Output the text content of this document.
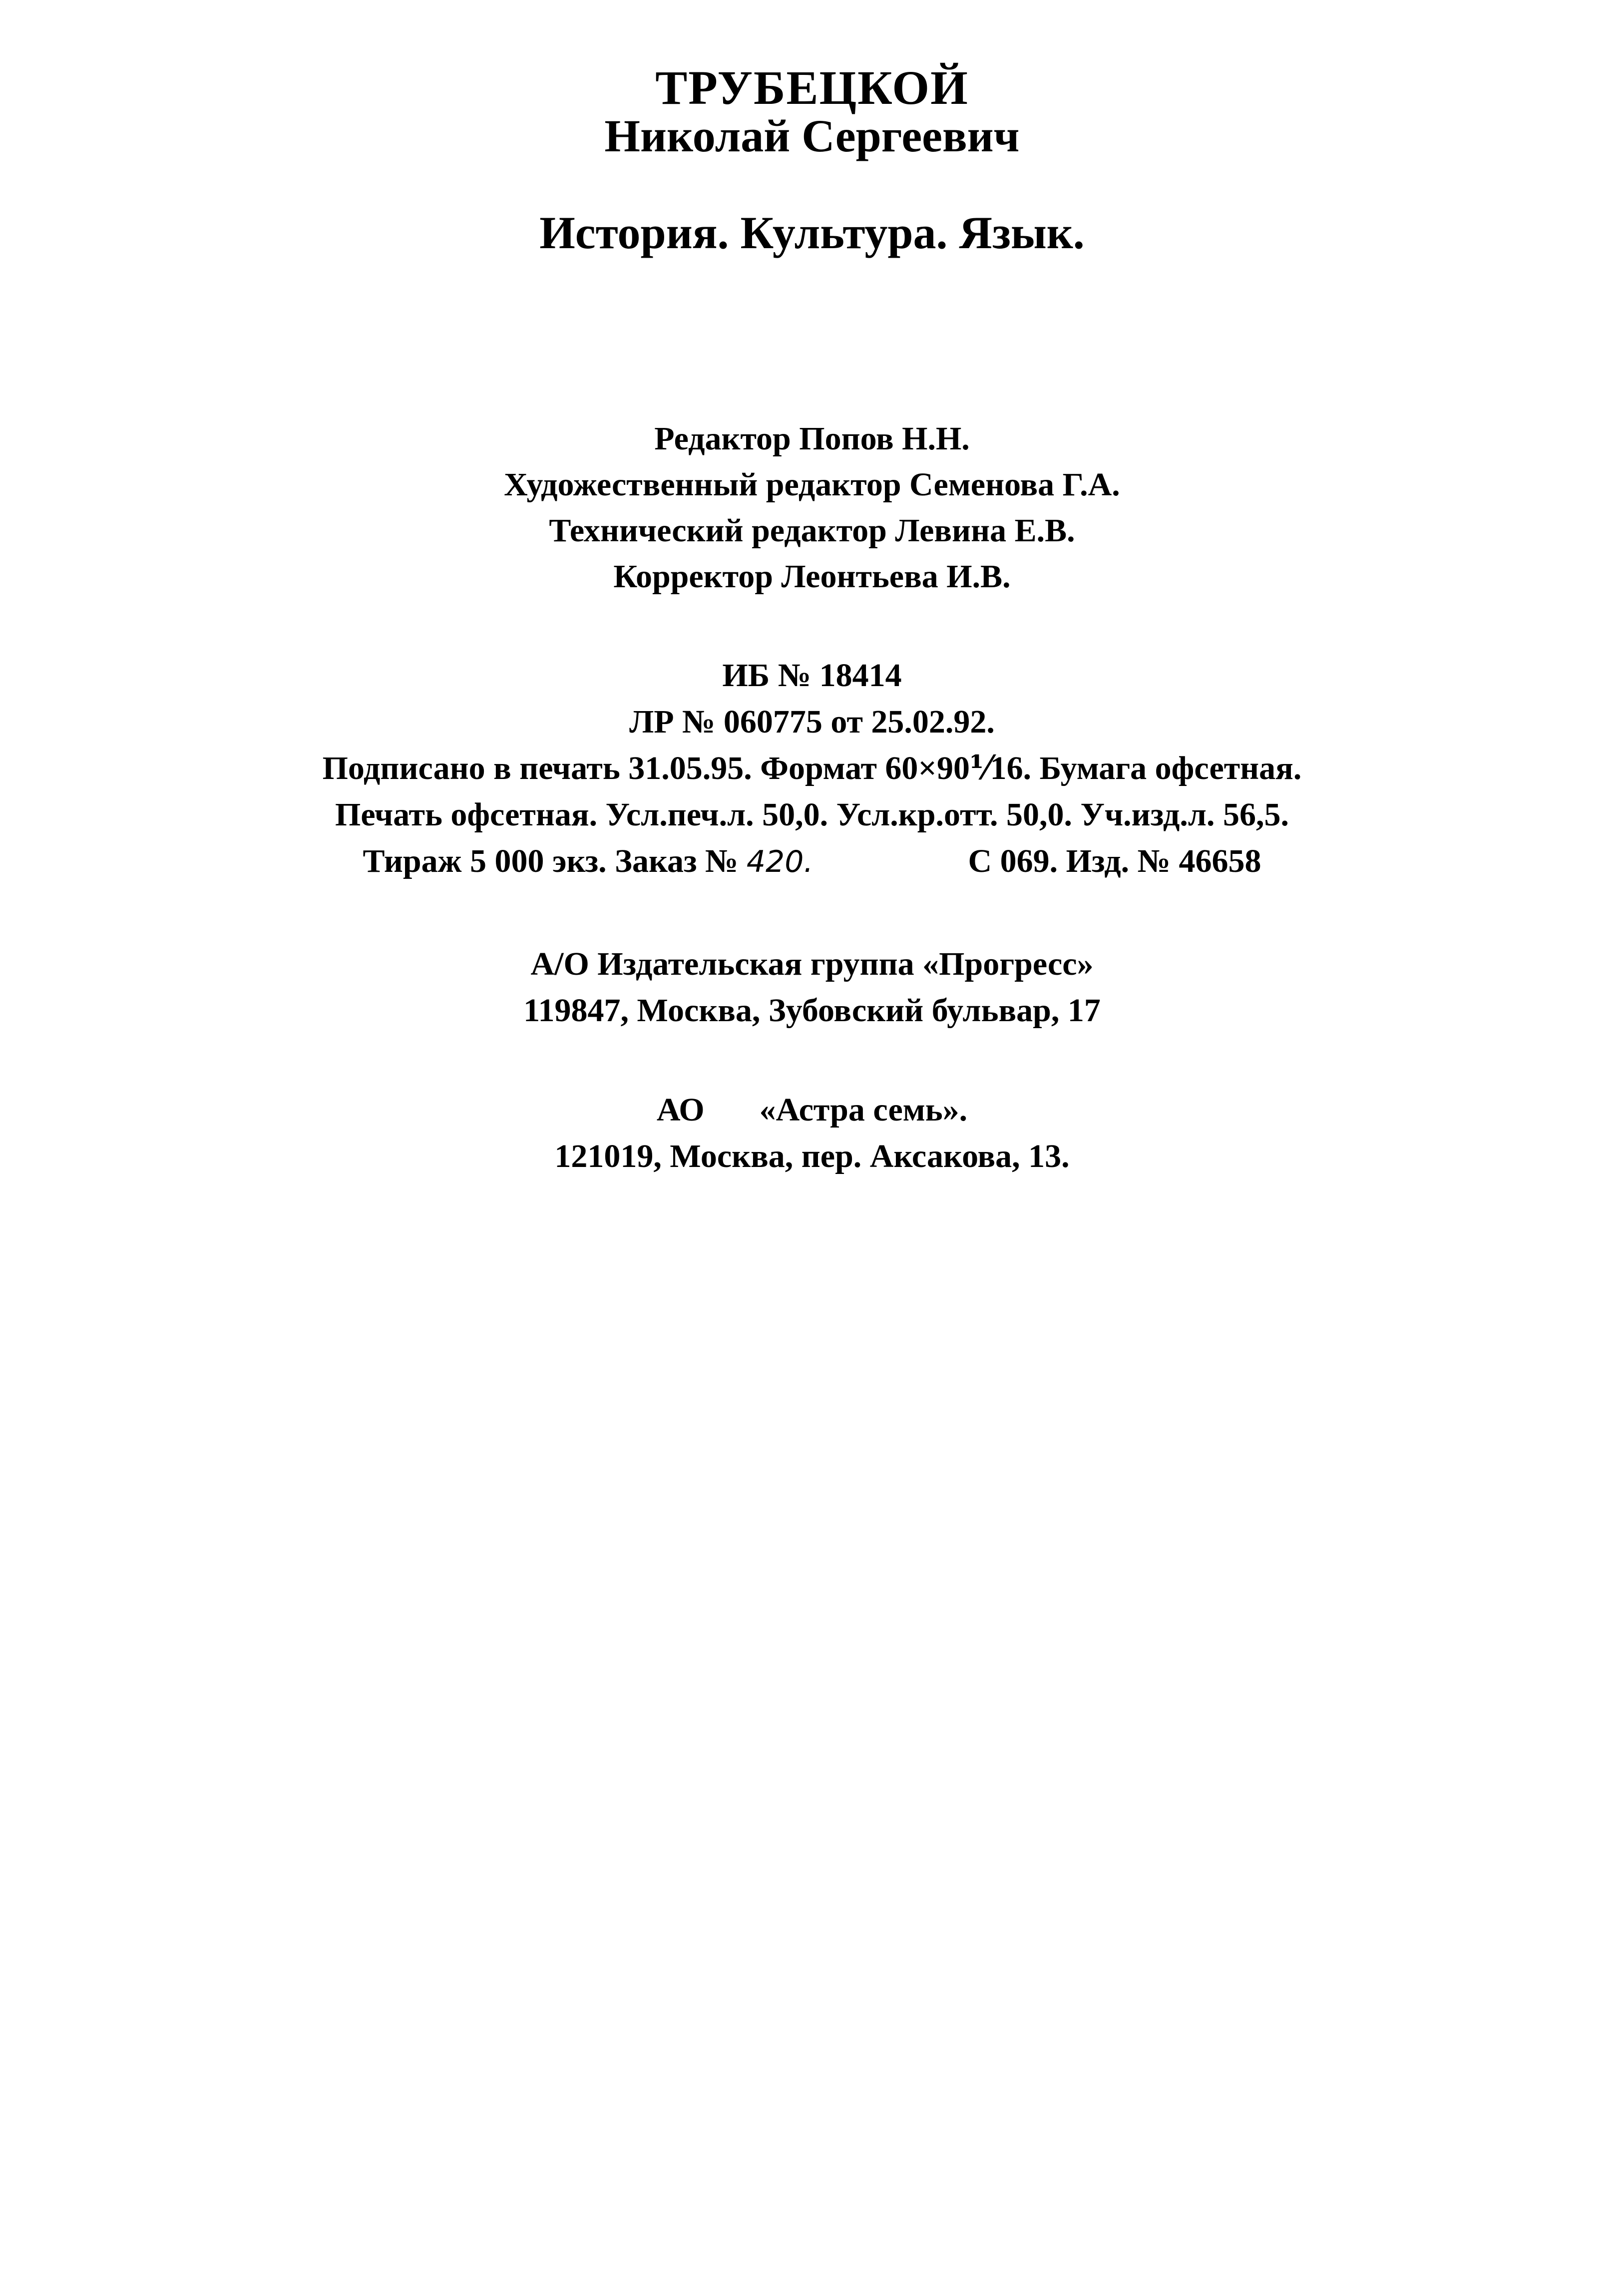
ТРУБЕЦКОЙ
Николай Сергеевич
История. Культура. Язык.
Редактор Попов Н.Н.
Художественный редактор Семенова Г.А.
Технический редактор Левина Е.В.
Корректор Леонтьева И.В.
ИБ № 18414
ЛР № 060775 от 25.02.92.
Подписано в печать 31.05.95. Формат 60×90⅟16. Бумага офсетная.
Печать офсетная. Усл.печ.л. 50,0. Усл.кр.отт. 50,0. Уч.изд.л. 56,5.
Тираж 5 000 экз. Заказ № 420.	С 069. Изд. № 46658
А/О Издательская группа «Прогресс»
119847, Москва, Зубовский бульвар, 17
АО «Астра семь».
121019, Москва, пер. Аксакова, 13.
